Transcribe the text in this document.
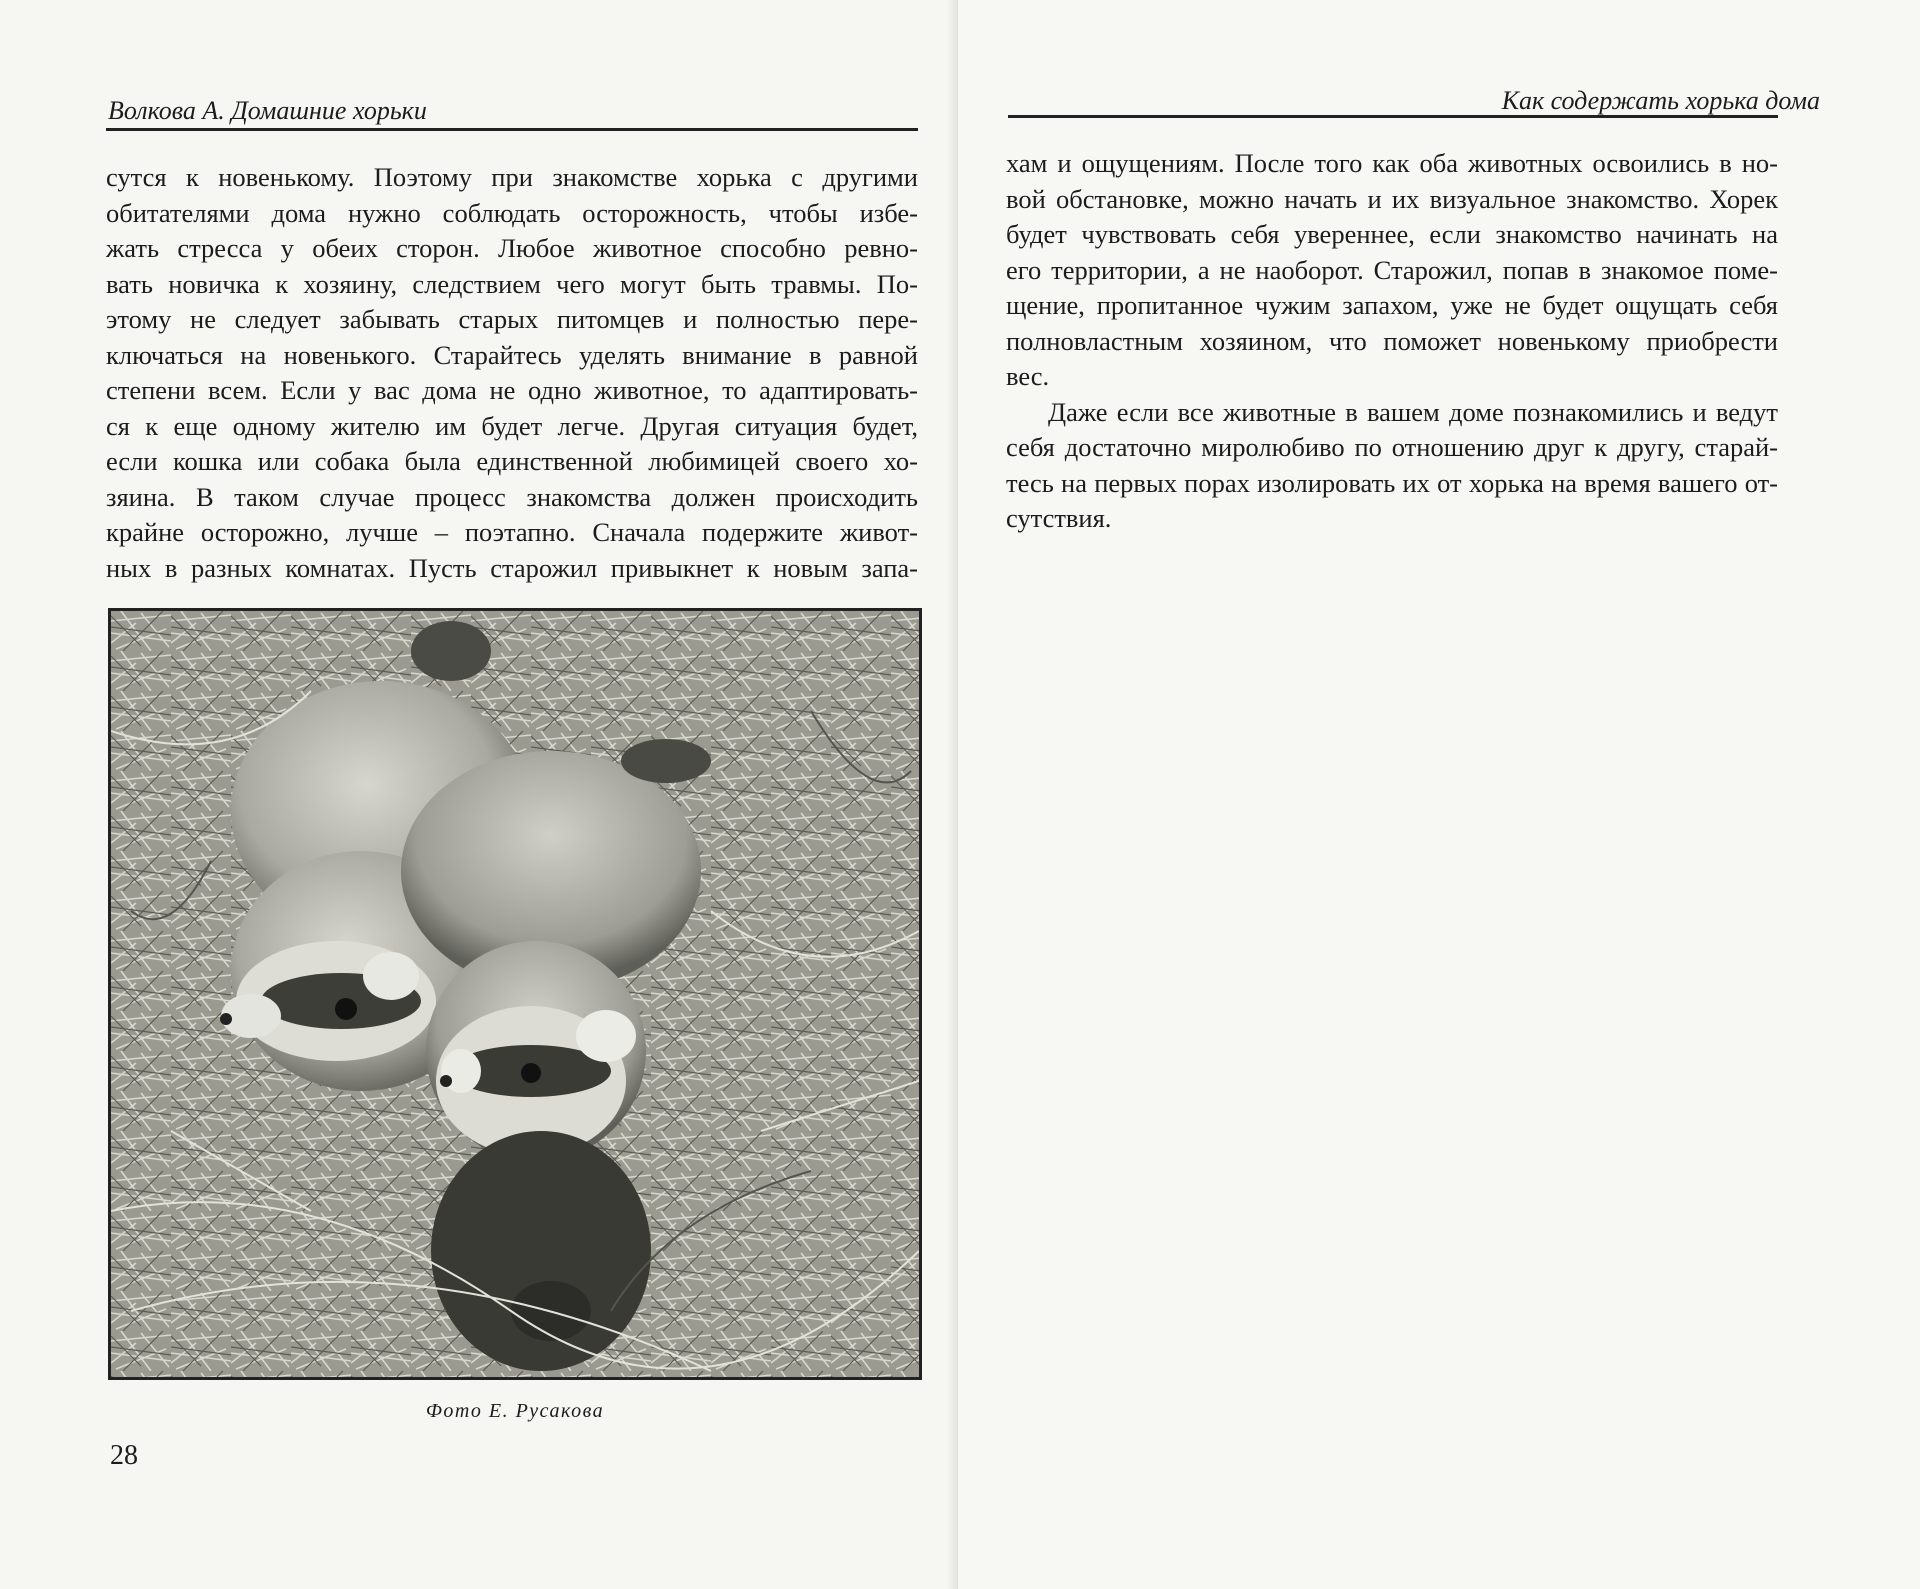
Волкова А. Домашние хорьки
сутся к новенькому. Поэтому при знакомстве хорька с другими
обитателями дома нужно соблюдать осторожность, чтобы избе-
жать стресса у обеих сторон. Любое животное способно ревно-
вать новичка к хозяину, следствием чего могут быть травмы. По-
этому не следует забывать старых питомцев и полностью пере-
ключаться на новенького. Старайтесь уделять внимание в равной
степени всем. Если у вас дома не одно животное, то адаптировать-
ся к еще одному жителю им будет легче. Другая ситуация будет,
если кошка или собака была единственной любимицей своего хо-
зяина. В таком случае процесс знакомства должен происходить
крайне осторожно, лучше – поэтапно. Сначала подержите живот-
ных в разных комнатах. Пусть старожил привыкнет к новым запа-
Фото Е. Русакова
28
Как содержать хорька дома
хам и ощущениям. После того как оба животных освоились в но-
вой обстановке, можно начать и их визуальное знакомство. Хорек
будет чувствовать себя увереннее, если знакомство начинать на
его территории, а не наоборот. Старожил, попав в знакомое поме-
щение, пропитанное чужим запахом, уже не будет ощущать себя
полновластным хозяином, что поможет новенькому приобрести
вес.
Даже если все животные в вашем доме познакомились и ведут
себя достаточно миролюбиво по отношению друг к другу, старай-
тесь на первых порах изолировать их от хорька на время вашего от-
сутствия.
